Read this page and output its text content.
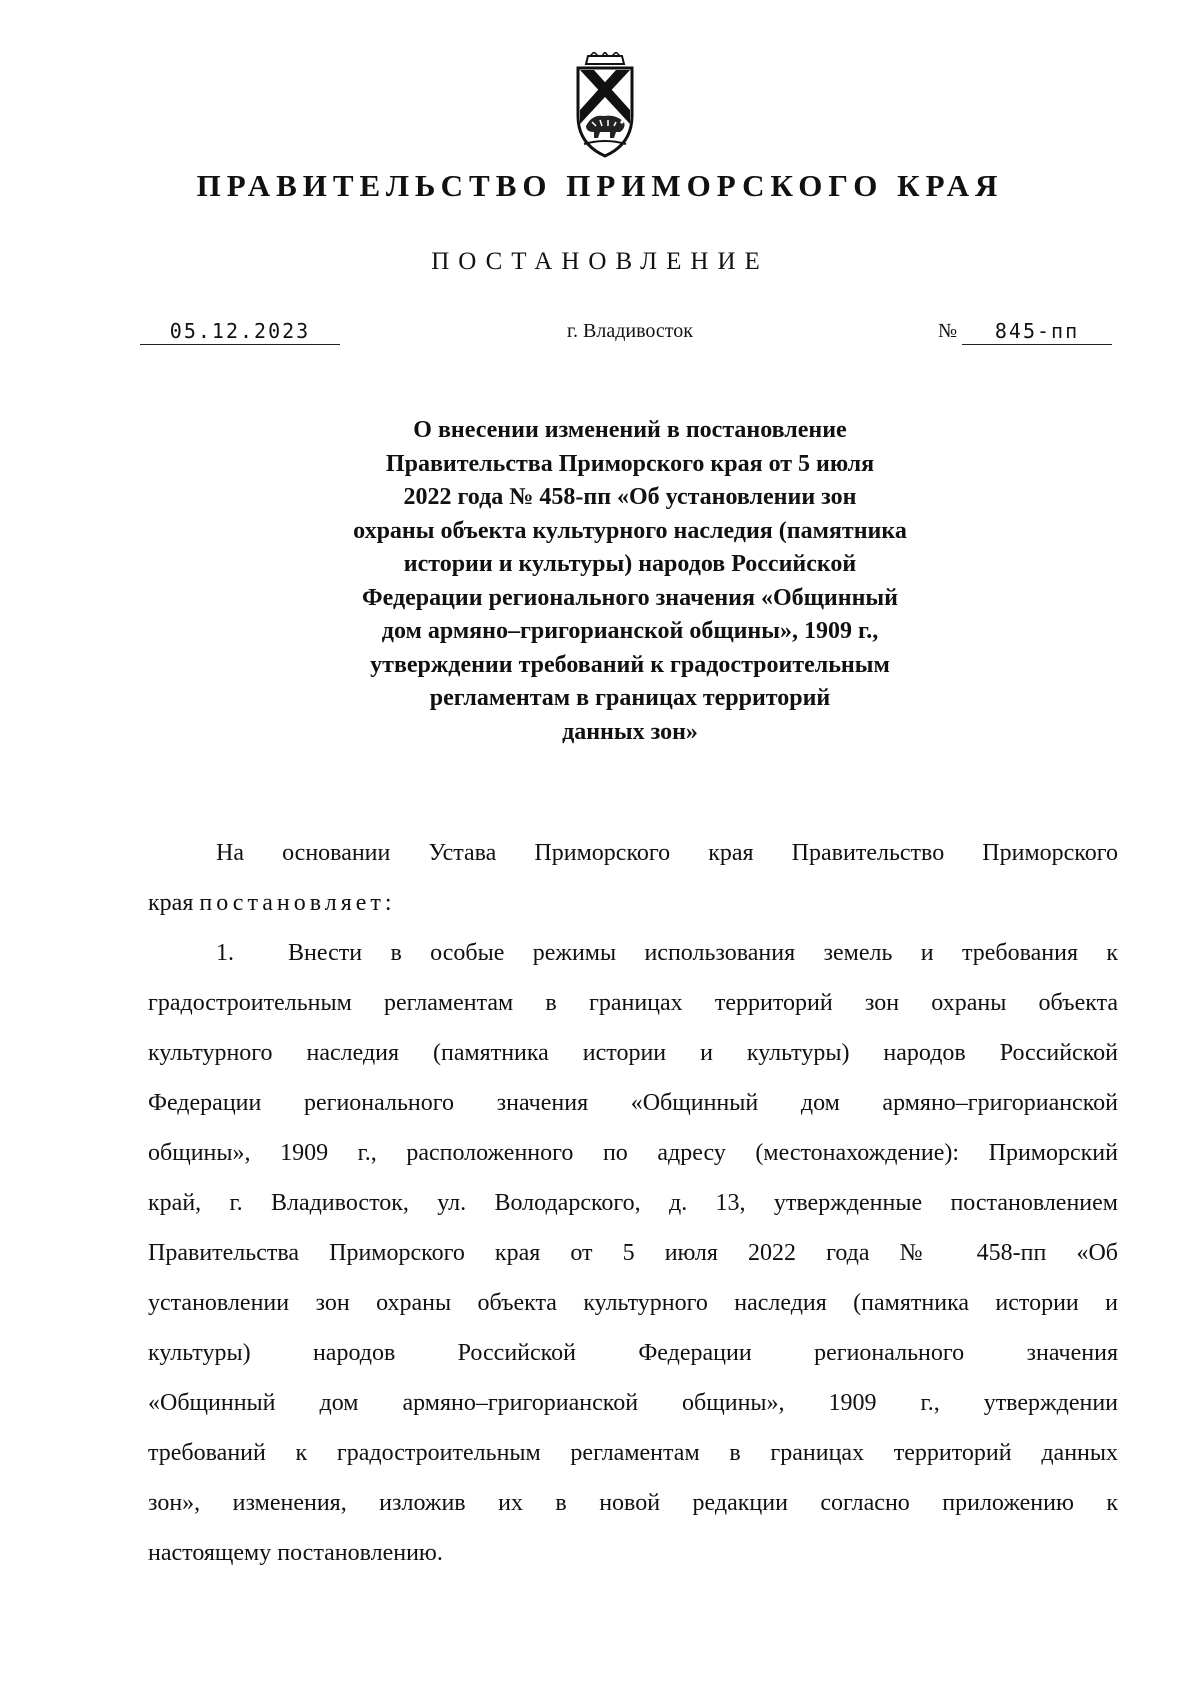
ПРАВИТЕЛЬСТВО ПРИМОРСКОГО КРАЯ
ПОСТАНОВЛЕНИЕ
05.12.2023	г. Владивосток	№	845-пп
О внесении изменений в постановление
Правительства Приморского края от 5 июля
2022 года № 458-пп «Об установлении зон
охраны объекта культурного наследия (памятника
истории и культуры) народов Российской
Федерации регионального значения «Общинный
дом армяно–григорианской общины», 1909 г.,
утверждении требований к градостроительным
регламентам в границах территорий
данных зон»
На основании Устава Приморского края Правительство Приморского
края постановляет:
1.	Внести в особые режимы использования земель и требования к
градостроительным регламентам в границах территорий зон охраны объекта
культурного наследия (памятника истории и культуры) народов Российской
Федерации регионального значения «Общинный дом армяно–григорианской
общины», 1909 г., расположенного по адресу (местонахождение): Приморский
край, г. Владивосток, ул. Володарского, д. 13, утвержденные постановлением
Правительства Приморского края от 5 июля 2022 года № 458-пп «Об
установлении зон охраны объекта культурного наследия (памятника истории и
культуры) народов Российской Федерации регионального значения
«Общинный дом армяно–григорианской общины», 1909 г., утверждении
требований к градостроительным регламентам в границах территорий данных
зон», изменения, изложив их в новой редакции согласно приложению к
настоящему постановлению.
